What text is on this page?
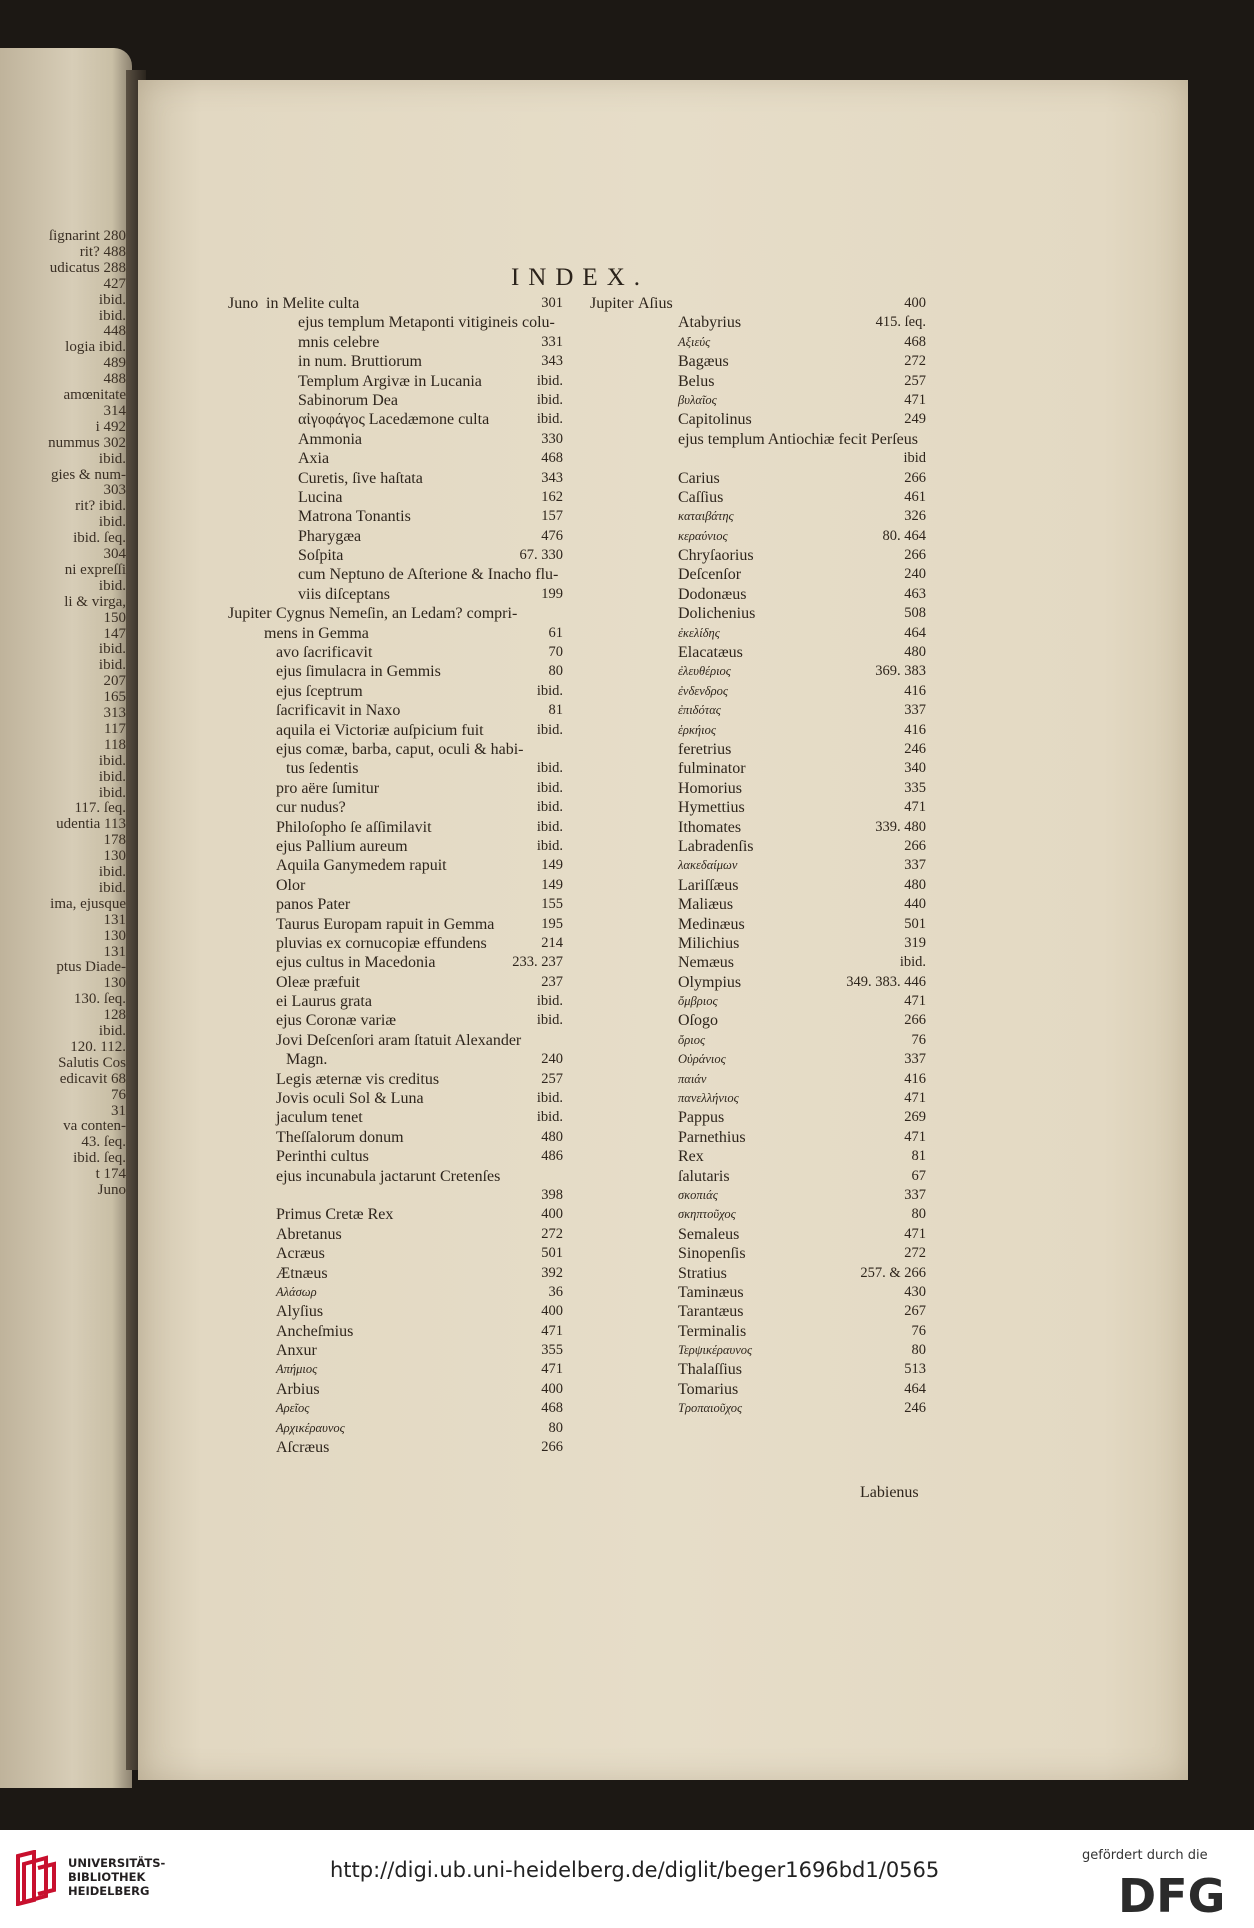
ſignarint 280
rit? 488
udicatus 288
427
ibid.
ibid.
448
logia ibid.
489
488
amœnitate
314
i 492
nummus 302
ibid.
gies & num-
303
rit? ibid.
ibid.
ibid. ſeq.
304
ni expreſſi
ibid.
li & virga,
150
147
ibid.
ibid.
207
165
313
117
118
ibid.
ibid.
ibid.
117. ſeq.
udentia 113
178
130
ibid.
ibid.
ima, ejusque
131
130
131
ptus Diade-
130
130. ſeq.
128
ibid.
120. 112.
Salutis Cos
edicavit 68
76
31
va conten-
43. ſeq.
ibid. ſeq.
t 174
Juno
INDEX.
Juno in Melite culta	301
ejus templum Metaponti vitigineis colu-
mnis celebre	331
in num. Bruttiorum	343
Templum Argivæ in Lucania	ibid.
Sabinorum Dea	ibid.
αἰγοφάγος Lacedæmone culta	ibid.
Ammonia	330
Axia	468
Curetis, ſive haſtata	343
Lucina	162
Matrona Tonantis	157
Pharygæa	476
Soſpita	67. 330
cum Neptuno de Aſterione & Inacho flu-
viis diſceptans	199
Jupiter Cygnus Nemeſin, an Ledam? compri-
mens in Gemma	61
avo ſacrificavit	70
ejus ſimulacra in Gemmis	80
ejus ſceptrum	ibid.
ſacrificavit in Naxo	81
aquila ei Victoriæ auſpicium fuit	ibid.
ejus comæ, barba, caput, oculi & habi-
tus ſedentis	ibid.
pro aëre ſumitur	ibid.
cur nudus?	ibid.
Philoſopho ſe aſſimilavit	ibid.
ejus Pallium aureum	ibid.
Aquila Ganymedem rapuit	149
Olor	149
panos Pater	155
Taurus Europam rapuit in Gemma	195
pluvias ex cornucopiæ effundens	214
ejus cultus in Macedonia	233. 237
Oleæ præfuit	237
ei Laurus grata	ibid.
ejus Coronæ variæ	ibid.
Jovi Deſcenſori aram ſtatuit Alexander
Magn.	240
Legis æternæ vis creditus	257
Jovis oculi Sol & Luna	ibid.
jaculum tenet	ibid.
Theſſalorum donum	480
Perinthi cultus	486
ejus incunabula jactarunt Cretenſes
398
Primus Cretæ Rex	400
Abretanus	272
Acræus	501
Ætnæus	392
Αλάσωρ	36
Alyſius	400
Ancheſmius	471
Anxur	355
Απήμιος	471
Arbius	400
Αρεῖος	468
Αρχικέραυνος	80
Aſcræus	266
Jupiter Aſius	400
Atabyrius	415. ſeq.
Αξιεύς	468
Bagæus	272
Belus	257
βυλαῖος	471
Capitolinus	249
ejus templum Antiochiæ fecit Perſeus
ibid
Carius	266
Caſſius	461
καταιβάτης	326
κεραύνιος	80. 464
Chryſaorius	266
Deſcenſor	240
Dodonæus	463
Dolichenius	508
ἐκελίδης	464
Elacatæus	480
ἐλευθέριος	369. 383
ἐνδενδρος	416
ἐπιδότας	337
ἑρκήιος	416
feretrius	246
fulminator	340
Homorius	335
Hymettius	471
Ithomates	339. 480
Labradenſis	266
λακεδαίμων	337
Lariſſæus	480
Maliæus	440
Medinæus	501
Milichius	319
Nemæus	ibid.
Olympius	349. 383. 446
ὄμβριος	471
Oſogo	266
ὄριος	76
Οὐράνιος	337
παιάν	416
πανελλήνιος	471
Pappus	269
Parnethius	471
Rex	81
ſalutaris	67
σκοπιάς	337
σκηπτοῦχος	80
Semaleus	471
Sinopenſis	272
Stratius	257. & 266
Taminæus	430
Tarantæus	267
Terminalis	76
Τερψικέραυνος	80
Thalaſſius	513
Tomarius	464
Τροπαιοῦχος	246
Labienus
UNIVERSITÄTS-
BIBLIOTHEK
HEIDELBERG
http://digi.ub.uni-heidelberg.de/diglit/beger1696bd1/0565
gefördert durch die
DFG
